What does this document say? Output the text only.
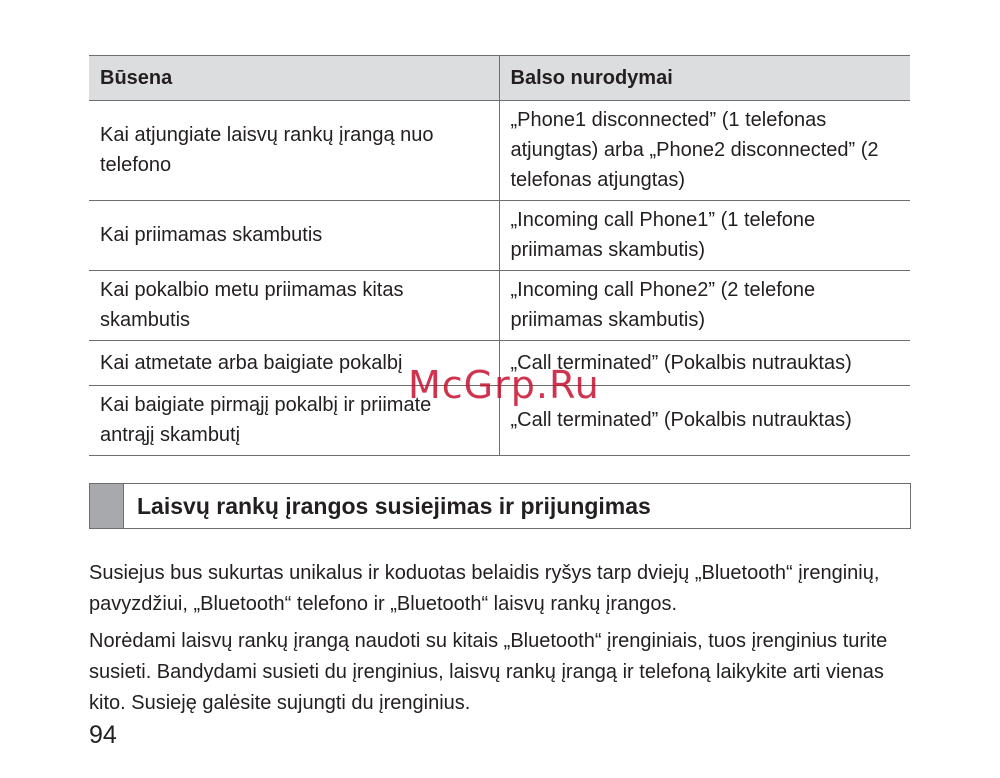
Būsena	Balso nurodymai
Kai atjungiate laisvų rankų įrangą nuo telefono	„Phone1 disconnected” (1 telefonas atjungtas) arba „Phone2 disconnected” (2 telefonas atjungtas)
Kai priimamas skambutis	„Incoming call Phone1” (1 telefone priimamas skambutis)
Kai pokalbio metu priimamas kitas skambutis	„Incoming call Phone2” (2 telefone priimamas skambutis)
Kai atmetate arba baigiate pokalbį	„Call terminated” (Pokalbis nutrauktas)
Kai baigiate pirmąjį pokalbį ir priimate antrąjį skambutį	„Call terminated” (Pokalbis nutrauktas)
McGrp.Ru
Laisvų rankų įrangos susiejimas ir prijungimas

Susiejus bus sukurtas unikalus ir koduotas belaidis ryšys tarp dviejų „Bluetooth“ įrenginių, pavyzdžiui, „Bluetooth“ telefono ir „Bluetooth“ laisvų rankų įrangos.

Norėdami laisvų rankų įrangą naudoti su kitais „Bluetooth“ įrenginiais, tuos įrenginius turite susieti. Bandydami susieti du įrenginius, laisvų rankų įrangą ir telefoną laikykite arti vienas kito. Susieję galėsite sujungti du įrenginius.

94
